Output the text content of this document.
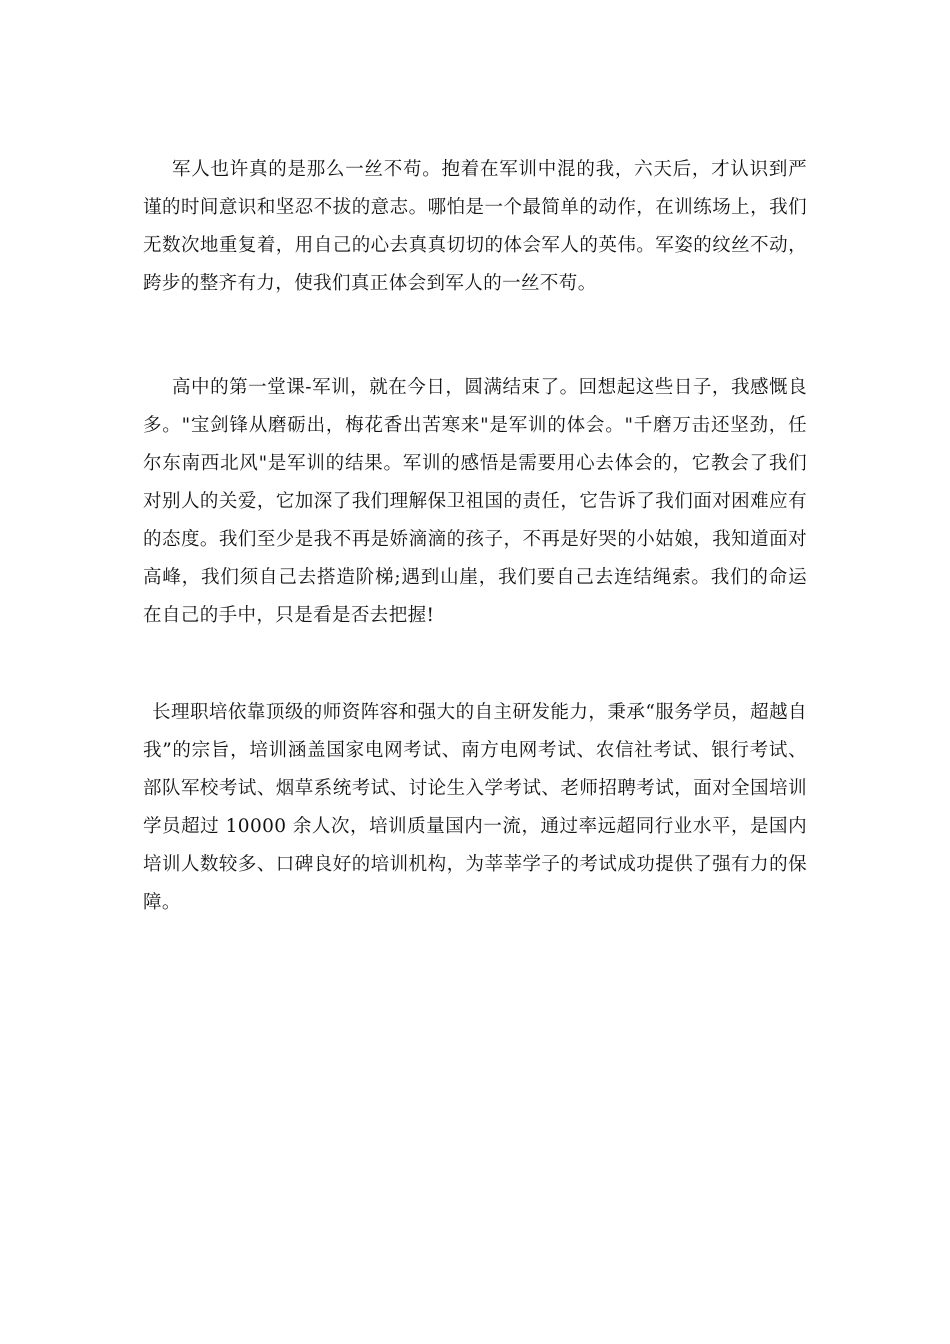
军人也许真的是那么一丝不苟。抱着在军训中混的我，六天后，才认识到严谨的时间意识和坚忍不拔的意志。哪怕是一个最简单的动作，在训练场上，我们无数次地重复着，用自己的心去真真切切的体会军人的英伟。军姿的纹丝不动，跨步的整齐有力，使我们真正体会到军人的一丝不苟。

高中的第一堂课-军训，就在今日，圆满结束了。回想起这些日子，我感慨良多。"宝剑锋从磨砺出，梅花香出苦寒来"是军训的体会。"千磨万击还坚劲，任尔东南西北风"是军训的结果。军训的感悟是需要用心去体会的，它教会了我们对别人的关爱，它加深了我们理解保卫祖国的责任，它告诉了我们面对困难应有的态度。我们至少是我不再是娇滴滴的孩子，不再是好哭的小姑娘，我知道面对高峰，我们须自己去搭造阶梯;遇到山崖，我们要自己去连结绳索。我们的命运在自己的手中，只是看是否去把握!

长理职培依靠顶级的师资阵容和强大的自主研发能力，秉承“服务学员，超越自我”的宗旨，培训涵盖国家电网考试、南方电网考试、农信社考试、银行考试、部队军校考试、烟草系统考试、讨论生入学考试、老师招聘考试，面对全国培训学员超过 10000 余人次，培训质量国内一流，通过率远超同行业水平，是国内培训人数较多、口碑良好的培训机构，为莘莘学子的考试成功提供了强有力的保障。
